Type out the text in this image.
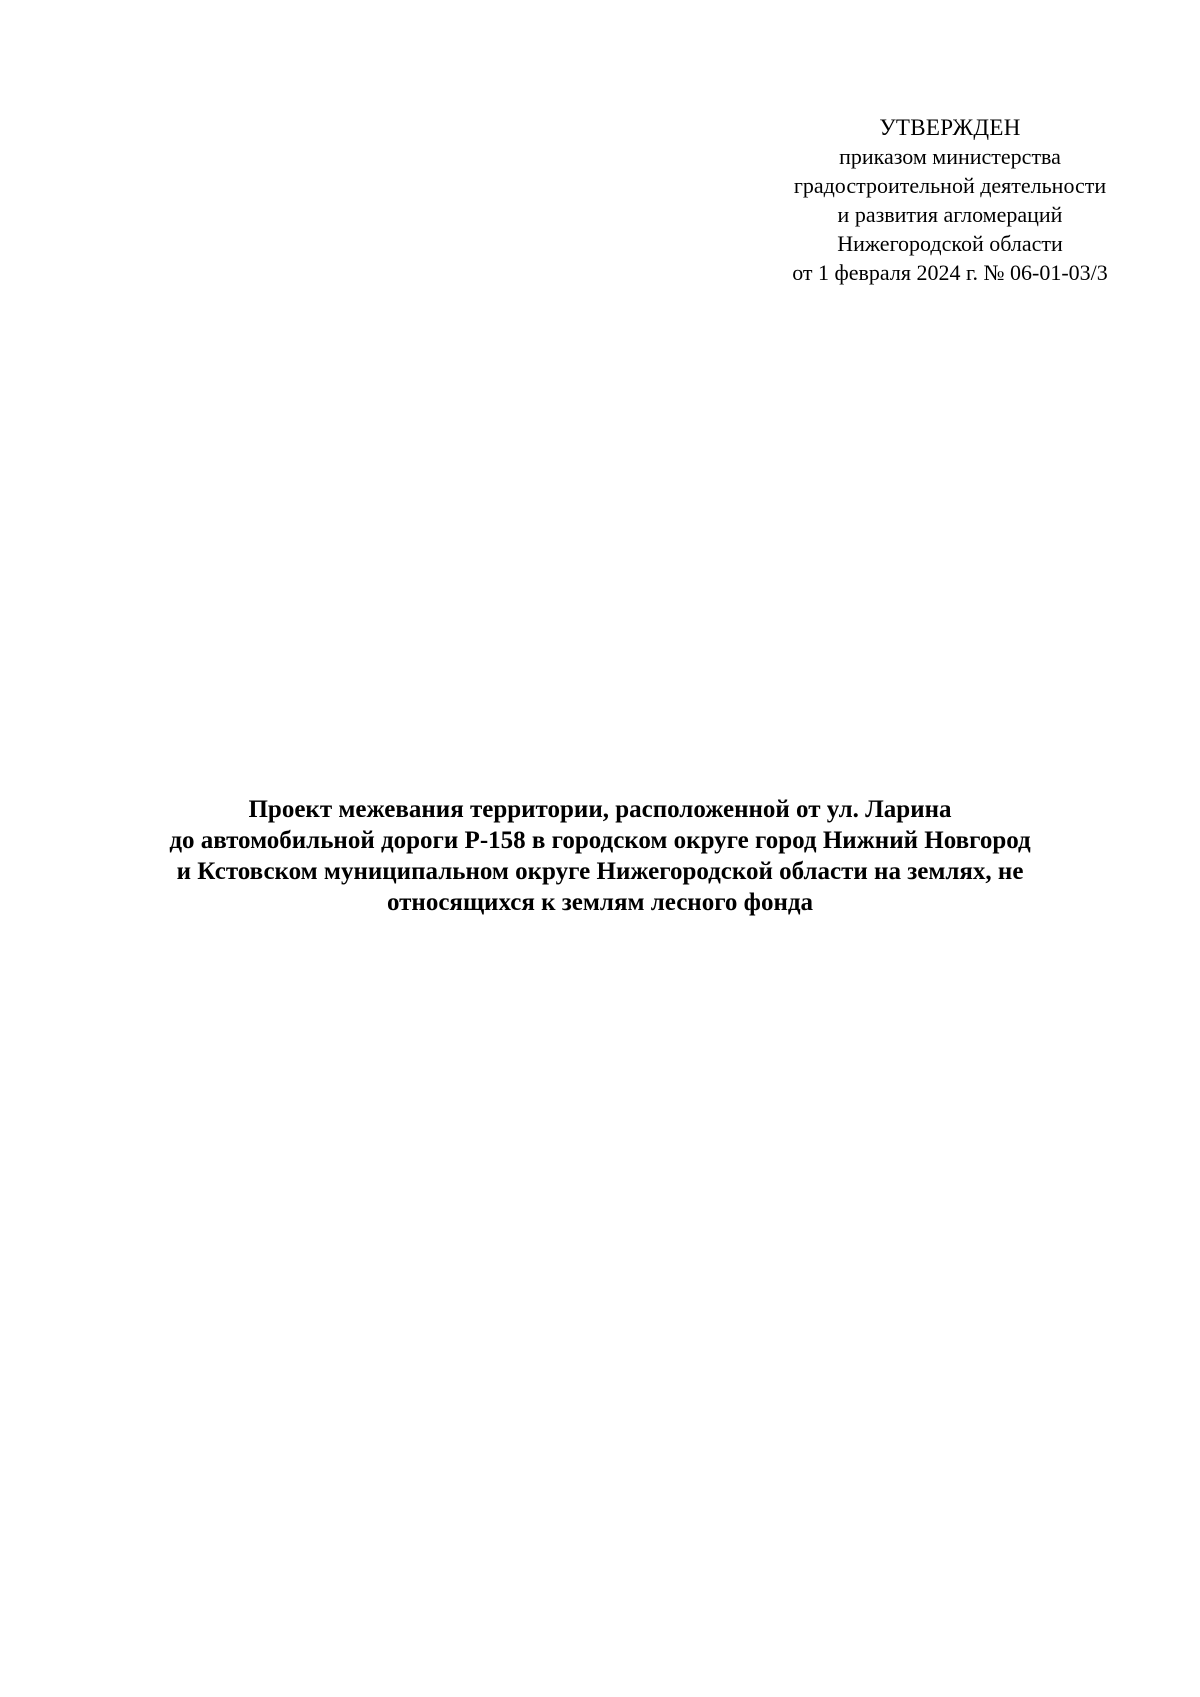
УТВЕРЖДЕН
приказом министерства
градостроительной деятельности
и развития агломераций
Нижегородской области
от 1 февраля 2024 г. № 06-01-03/3
Проект межевания территории, расположенной от ул. Ларина
до автомобильной дороги Р-158 в городском округе город Нижний Новгород
и Кстовском муниципальном округе Нижегородской области на землях, не
относящихся к землям лесного фонда
